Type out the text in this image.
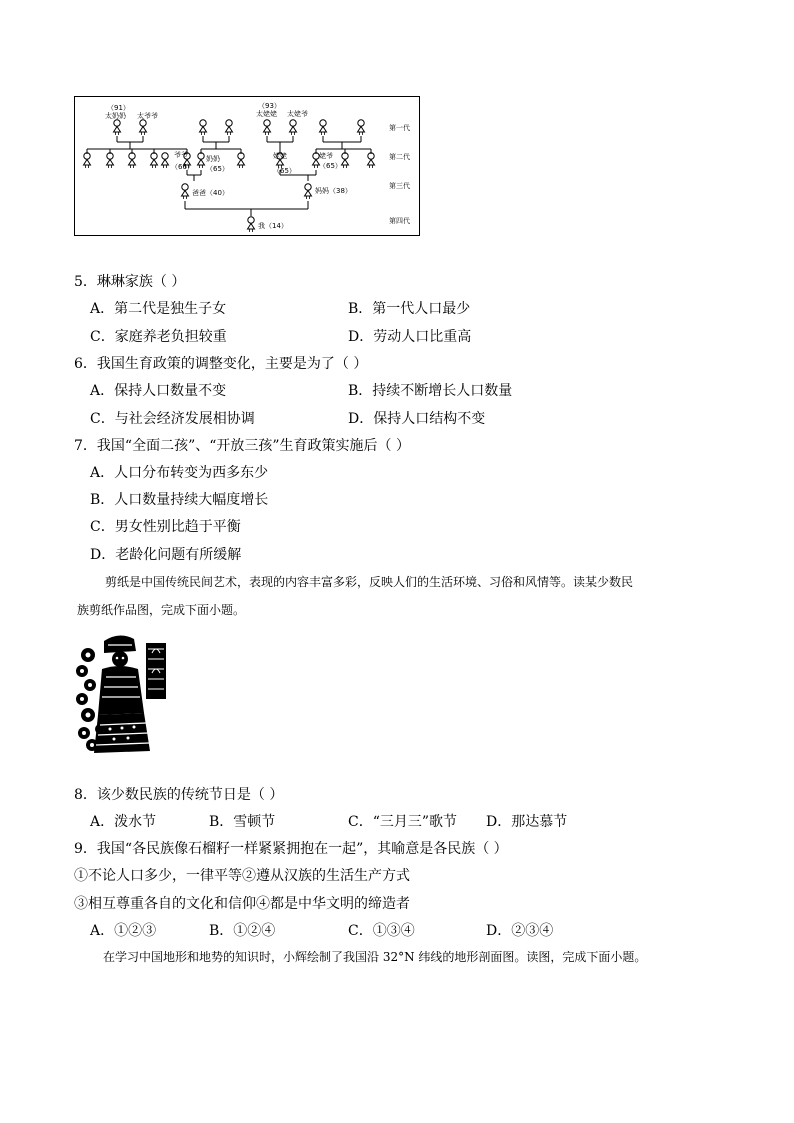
（91）
太奶奶 太爷爷
（93）
太姥姥 太姥爷
爷爷
（66）
奶奶
（65）
姥姥
（65）
姥爷
（65）
爸爸（40）	妈妈（38）
我（14）
第一代
第二代
第三代
第四代
5．琳琳家族（ ）
A．第二代是独生子女	B．第一代人口最少
C．家庭养老负担较重	D．劳动人口比重高
6．我国生育政策的调整变化，主要是为了（ ）
A．保持人口数量不变	B．持续不断增长人口数量
C．与社会经济发展相协调	D．保持人口结构不变
7．我国“全面二孩”、“开放三孩”生育政策实施后（ ）
A．人口分布转变为西多东少
B．人口数量持续大幅度增长
C．男女性别比趋于平衡
D．老龄化问题有所缓解
剪纸是中国传统民间艺术，表现的内容丰富多彩，反映人们的生活环境、习俗和风情等。读某少数民
族剪纸作品图，完成下面小题。
8．该少数民族的传统节日是（ ）
A．泼水节	B．雪顿节	C．“三月三”歌节 D．那达慕节
9．我国“各民族像石榴籽一样紧紧拥抱在一起”，其喻意是各民族（ ）
①不论人口多少，一律平等②遵从汉族的生活生产方式
③相互尊重各自的文化和信仰④都是中华文明的缔造者
A．①②③	B．①②④	C．①③④	D．②③④
在学习中国地形和地势的知识时，小辉绘制了我国沿 32°N 纬线的地形剖面图。读图，完成下面小题。
